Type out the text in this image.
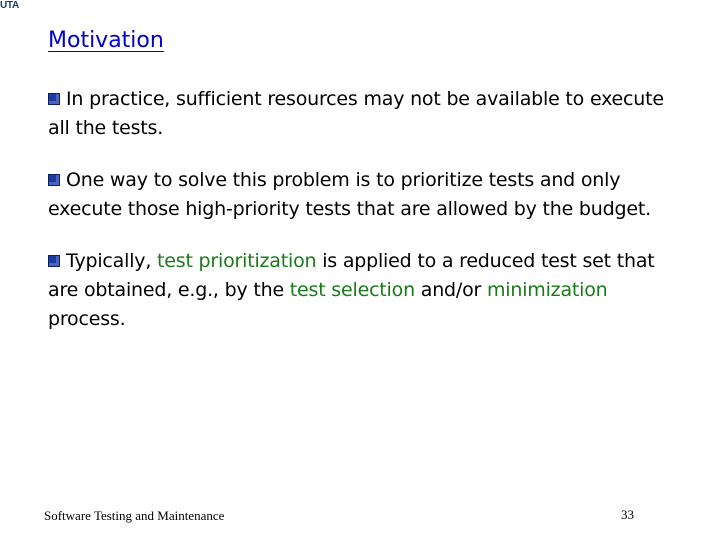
UTA
Motivation

In practice, sufficient resources may not be available to execute all the tests.

One way to solve this problem is to prioritize tests and only execute those high-priority tests that are allowed by the budget.

Typically, test prioritization is applied to a reduced test set that are obtained, e.g., by the test selection and/or minimization process.

Software Testing and Maintenance	33
